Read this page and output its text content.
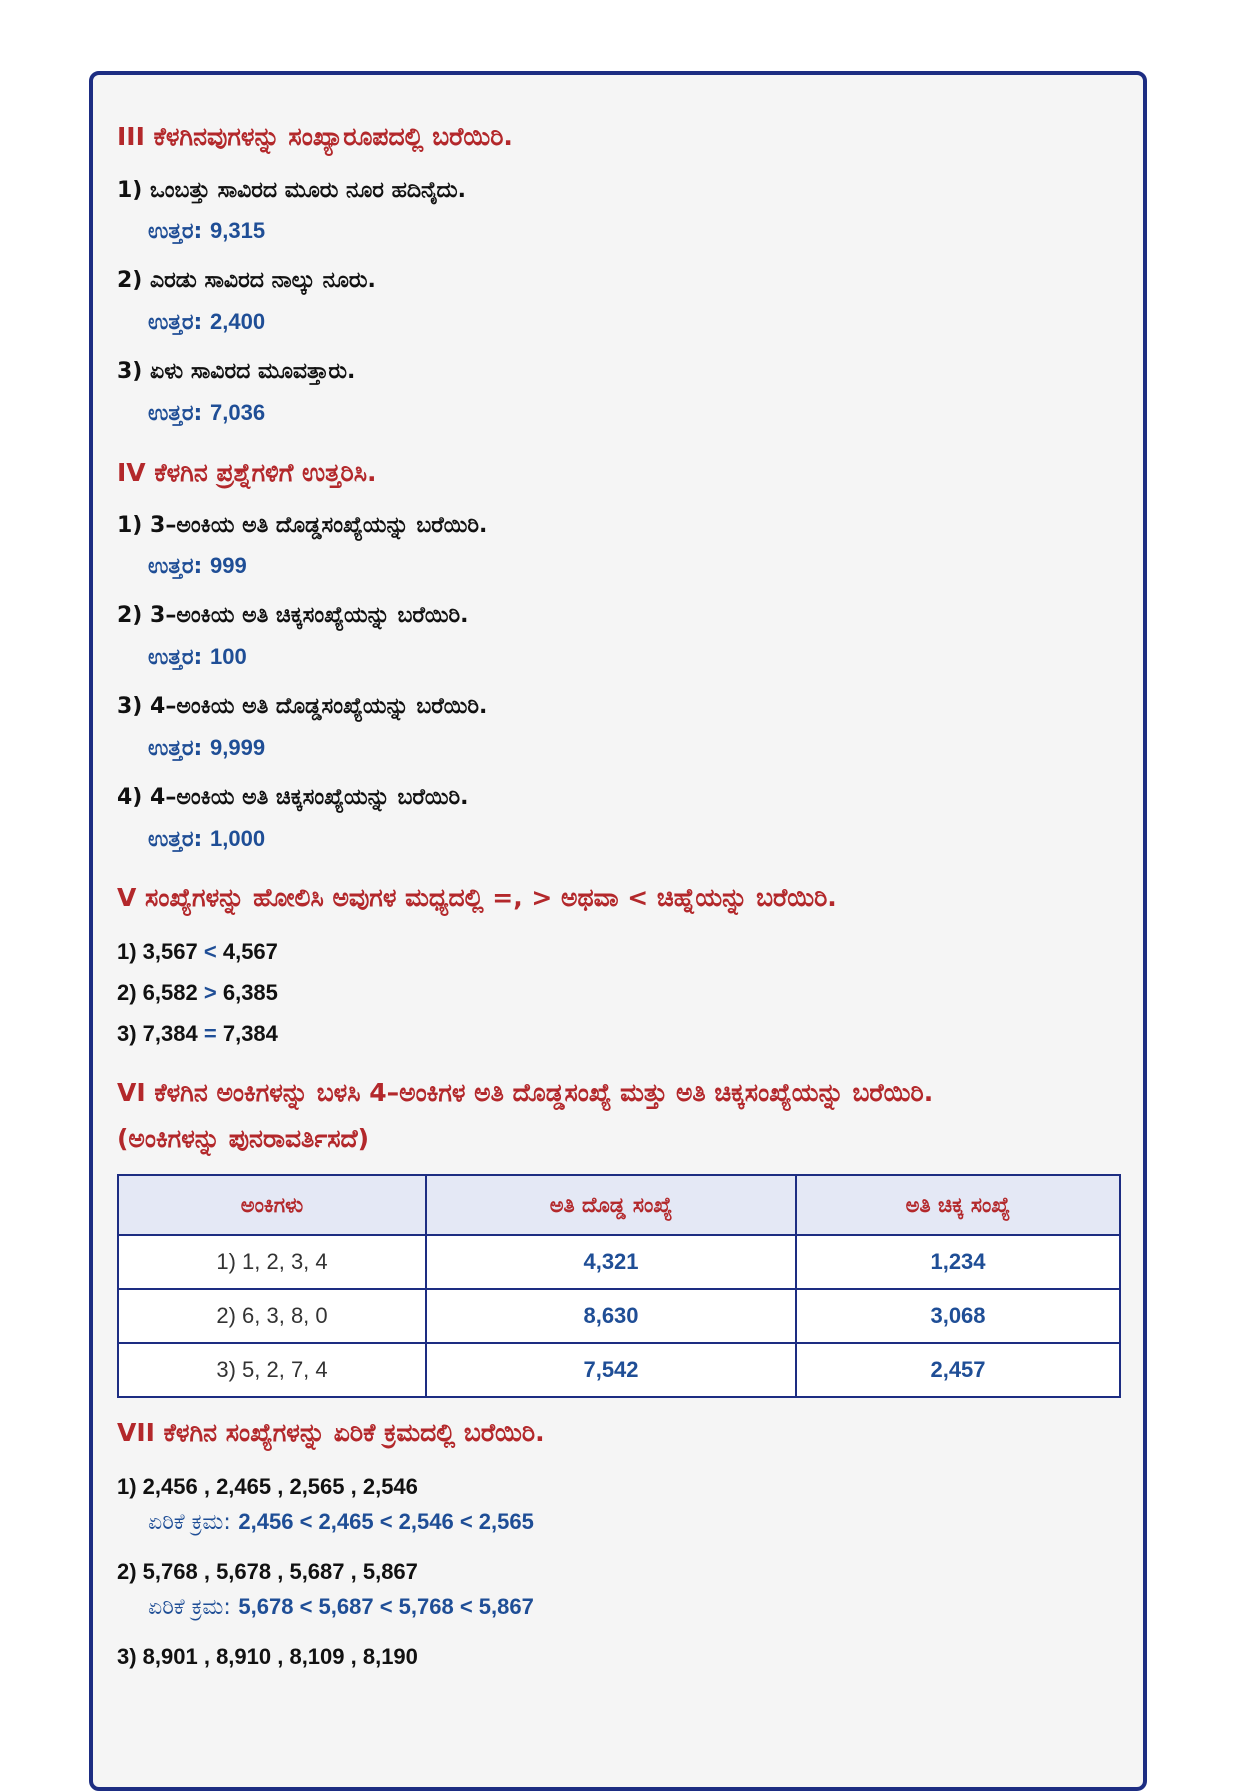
III ಕೆಳಗಿನವುಗಳನ್ನು ಸಂಖ್ಯಾರೂಪದಲ್ಲಿ ಬರೆಯಿರಿ.
1) ಒಂಬತ್ತು ಸಾವಿರದ ಮೂರು ನೂರ ಹದಿನೈದು.
ಉತ್ತರ: 9,315
2) ಎರಡು ಸಾವಿರದ ನಾಲ್ಕು ನೂರು.
ಉತ್ತರ: 2,400
3) ಏಳು ಸಾವಿರದ ಮೂವತ್ತಾರು.
ಉತ್ತರ: 7,036
IV ಕೆಳಗಿನ ಪ್ರಶ್ನೆಗಳಿಗೆ ಉತ್ತರಿಸಿ.
1) 3–ಅಂಕಿಯ ಅತಿ ದೊಡ್ಡಸಂಖ್ಯೆಯನ್ನು ಬರೆಯಿರಿ.
ಉತ್ತರ: 999
2) 3–ಅಂಕಿಯ ಅತಿ ಚಿಕ್ಕಸಂಖ್ಯೆಯನ್ನು ಬರೆಯಿರಿ.
ಉತ್ತರ: 100
3) 4–ಅಂಕಿಯ ಅತಿ ದೊಡ್ಡಸಂಖ್ಯೆಯನ್ನು ಬರೆಯಿರಿ.
ಉತ್ತರ: 9,999
4) 4–ಅಂಕಿಯ ಅತಿ ಚಿಕ್ಕಸಂಖ್ಯೆಯನ್ನು ಬರೆಯಿರಿ.
ಉತ್ತರ: 1,000
V ಸಂಖ್ಯೆಗಳನ್ನು ಹೋಲಿಸಿ ಅವುಗಳ ಮಧ್ಯದಲ್ಲಿ =, > ಅಥವಾ < ಚಿಹ್ನೆಯನ್ನು ಬರೆಯಿರಿ.
1) 3,567 < 4,567
2) 6,582 > 6,385
3) 7,384 = 7,384
VI ಕೆಳಗಿನ ಅಂಕಿಗಳನ್ನು ಬಳಸಿ 4–ಅಂಕಿಗಳ ಅತಿ ದೊಡ್ಡಸಂಖ್ಯೆ ಮತ್ತು ಅತಿ ಚಿಕ್ಕಸಂಖ್ಯೆಯನ್ನು ಬರೆಯಿರಿ.
(ಅಂಕಿಗಳನ್ನು ಪುನರಾವರ್ತಿಸದೆ)
ಅಂಕಿಗಳು	ಅತಿ ದೊಡ್ಡ ಸಂಖ್ಯೆ	ಅತಿ ಚಿಕ್ಕ ಸಂಖ್ಯೆ
1) 1, 2, 3, 4	4,321	1,234
2) 6, 3, 8, 0	8,630	3,068
3) 5, 2, 7, 4	7,542	2,457
VII ಕೆಳಗಿನ ಸಂಖ್ಯೆಗಳನ್ನು ಏರಿಕೆ ಕ್ರಮದಲ್ಲಿ ಬರೆಯಿರಿ.
1) 2,456 , 2,465 , 2,565 , 2,546
ಏರಿಕೆ ಕ್ರಮ: 2,456 < 2,465 < 2,546 < 2,565
2) 5,768 , 5,678 , 5,687 , 5,867
ಏರಿಕೆ ಕ್ರಮ: 5,678 < 5,687 < 5,768 < 5,867
3) 8,901 , 8,910 , 8,109 , 8,190
